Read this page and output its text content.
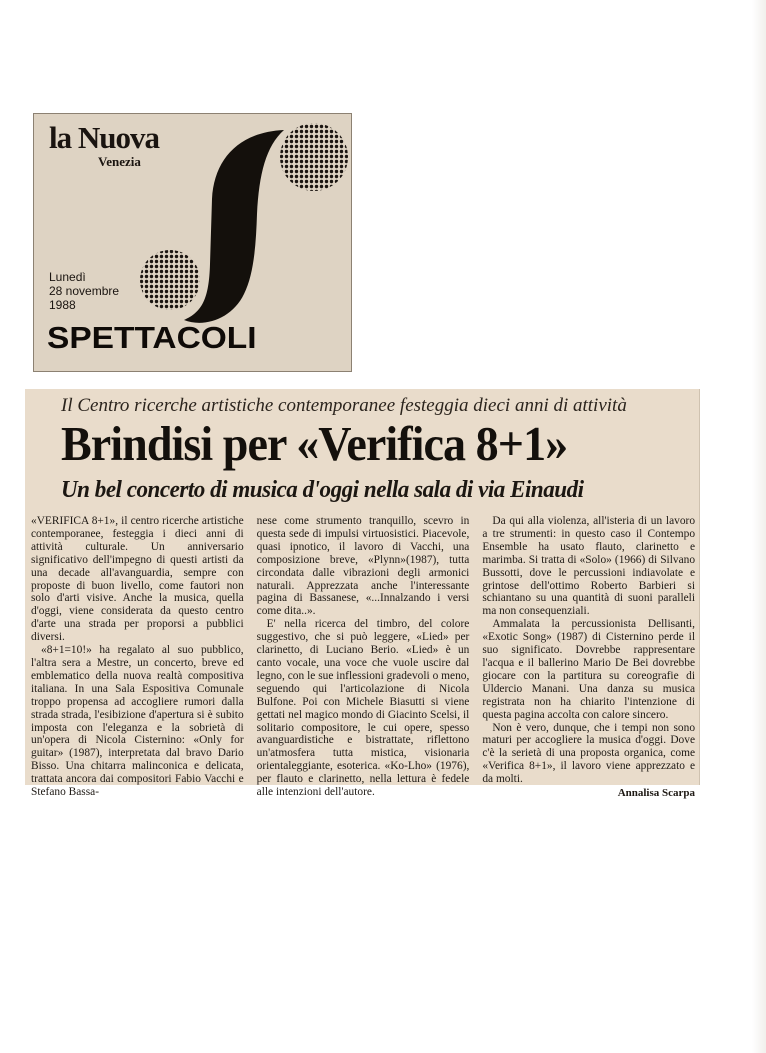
la Nuova
Venezia
Lunedì
28 novembre
1988
SPETTACOLI
Il Centro ricerche artistiche contemporanee festeggia dieci anni di attività
Brindisi per «Verifica 8+1»
Un bel concerto di musica d'oggi nella sala di via Einaudi

«VERIFICA 8+1», il centro ricerche artistiche contemporanee, festeggia i dieci anni di attività culturale. Un anniversario significativo dell'impegno di questi artisti da una decade all'avanguardia, sempre con proposte di buon livello, come fautori non solo d'arti visive. Anche la musica, quella d'oggi, viene considerata da questo centro d'arte una strada per proporsi a pubblici diversi.

«8+1=10!» ha regalato al suo pubblico, l'altra sera a Mestre, un concerto, breve ed emblematico della nuova realtà compositiva italiana. In una Sala Espositiva Comunale troppo propensa ad accogliere rumori dalla strada strada, l'esibizione d'apertura si è subito imposta con l'eleganza e la sobrietà di un'opera di Nicola Cisternino: «Only for guitar» (1987), interpretata dal bravo Dario Bisso. Una chitarra malinconica e delicata, trattata ancora dai compositori Fabio Vacchi e Stefano Bassa-

nese come strumento tranquillo, scevro in questa sede di impulsi virtuosistici. Piacevole, quasi ipnotico, il lavoro di Vacchi, una composizione breve, «Plynn»(1987), tutta circondata dalle vibrazioni degli armonici naturali. Apprezzata anche l'interessante pagina di Bassanese, «...Innalzando i versi come dita..».

E' nella ricerca del timbro, del colore suggestivo, che si può leggere, «Lied» per clarinetto, di Luciano Berio. «Lied» è un canto vocale, una voce che vuole uscire dal legno, con le sue inflessioni gradevoli o meno, seguendo qui l'articolazione di Nicola Bulfone. Poi con Michele Biasutti si viene gettati nel magico mondo di Giacinto Scelsi, il solitario compositore, le cui opere, spesso avanguardistiche e bistrattate, riflettono un'atmosfera tutta mistica, visionaria orientaleggiante, esoterica. «Ko-Lho» (1976), per flauto e clarinetto, nella lettura è fedele alle intenzioni dell'autore.

Da qui alla violenza, all'isteria di un lavoro a tre strumenti: in questo caso il Contempo Ensemble ha usato flauto, clarinetto e marimba. Si tratta di «Solo» (1966) di Silvano Bussotti, dove le percussioni indiavolate e grintose dell'ottimo Roberto Barbieri si schiantano su una quantità di suoni paralleli ma non consequenziali.

Ammalata la percussionista Dellisanti, «Exotic Song» (1987) di Cisternino perde il suo significato. Dovrebbe rappresentare l'acqua e il ballerino Mario De Bei dovrebbe giocare con la partitura su coreografie di Uldercio Manani. Una danza su musica registrata non ha chiarito l'intenzione di questa pagina accolta con calore sincero.

Non è vero, dunque, che i tempi non sono maturi per accogliere la musica d'oggi. Dove c'è la serietà di una proposta organica, come «Verifica 8+1», il lavoro viene apprezzato e da molti.

Annalisa Scarpa
